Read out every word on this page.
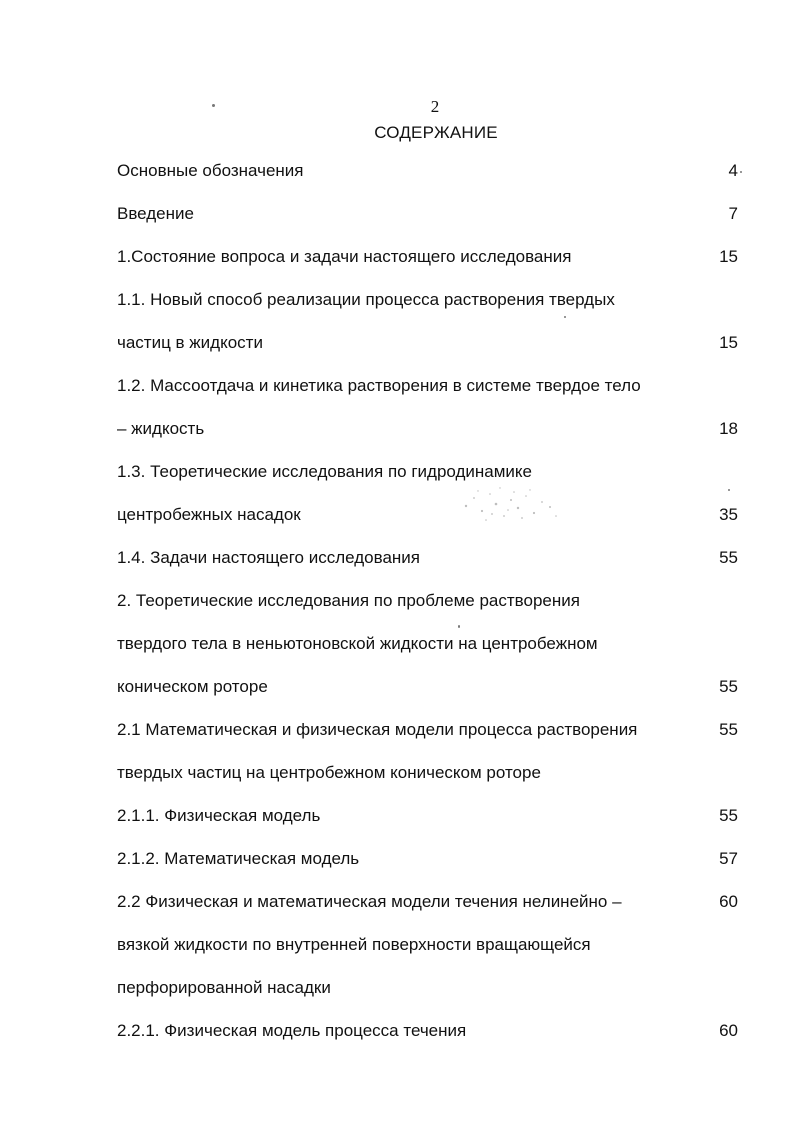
2
СОДЕРЖАНИЕ
Основные обозначения	4
Введение	7
1.Состояние вопроса и задачи настоящего исследования	15
1.1. Новый способ реализации процесса растворения твердых
частиц в жидкости	15
1.2. Массоотдача и кинетика растворения в системе твердое тело
– жидкость	18
1.3. Теоретические исследования по гидродинамике
центробежных насадок	35
1.4. Задачи настоящего исследования	55
2. Теоретические исследования по проблеме растворения
твердого тела в неньютоновской жидкости на центробежном
коническом роторе	55
2.1 Математическая и физическая модели процесса растворения	55
твердых частиц на центробежном коническом роторе
2.1.1. Физическая модель	55
2.1.2. Математическая модель	57
2.2 Физическая и математическая модели течения нелинейно –	60
вязкой жидкости по внутренней поверхности вращающейся
перфорированной насадки
2.2.1. Физическая модель процесса течения	60
